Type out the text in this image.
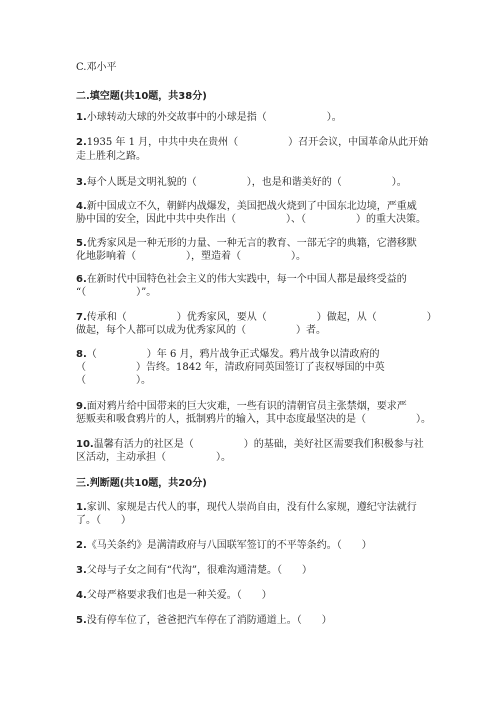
C.邓小平
二.填空题(共10题，共38分)
1.小球转动大球的外交故事中的小球是指（　　　　　　）。
2.1935 年 1 月，中共中央在贵州（　　　　　）召开会议，中国革命从此开始
走上胜利之路。
3.每个人既是文明礼貌的（　　　　　），也是和谐美好的（　　　　　）。
4.新中国成立不久，朝鲜内战爆发，美国把战火烧到了中国东北边境，严重威
胁中国的安全，因此中共中央作出（　　　　　）、（　　　　　）的重大决策。
5.优秀家风是一种无形的力量、一种无言的教育、一部无字的典籍，它潜移默
化地影响着（　　　　　），塑造着（　　　　　）。
6.在新时代中国特色社会主义的伟大实践中，每一个中国人都是最终受益的
“（　　　　　）”。
7.传承和（　　　　　）优秀家风，要从（　　　　　）做起，从（　　　　　）
做起，每个人都可以成为优秀家风的（　　　　　）者。
8.（　　　　　）年 6 月，鸦片战争正式爆发。鸦片战争以清政府的
（　　　　　）告终。1842 年，清政府同英国签订了丧权辱国的中英
（　　　　　）。
9.面对鸦片给中国带来的巨大灾难，一些有识的清朝官员主张禁烟，要求严
惩贩卖和吸食鸦片的人，抵制鸦片的输入，其中态度最坚决的是（　　　　　）。
10.温馨有活力的社区是（　　　　　）的基础，美好社区需要我们积极参与社
区活动，主动承担（　　　　　）。
三.判断题(共10题，共20分)
1.家训、家规是古代人的事，现代人崇尚自由，没有什么家规，遵纪守法就行
了。（　　）
2.《马关条约》是满清政府与八国联军签订的不平等条约。（　　）
3.父母与子女之间有“代沟”，很难沟通清楚。（　　）
4.父母严格要求我们也是一种关爱。（　　）
5.没有停车位了，爸爸把汽车停在了消防通道上。（　　）
